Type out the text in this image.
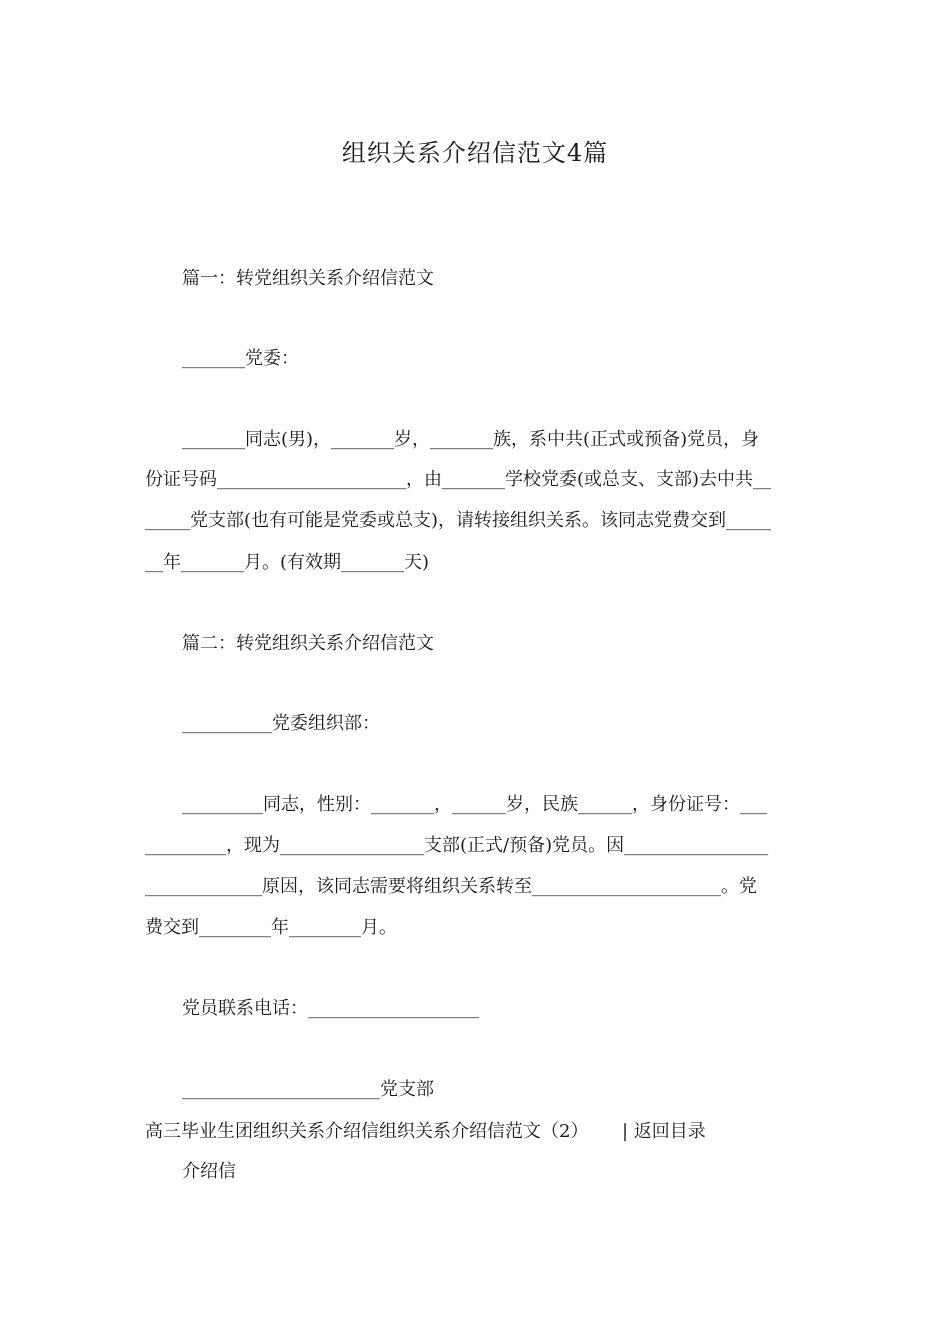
组织关系介绍信范文4篇
篇一：转党组织关系介绍信范文
_______党委：
_______同志(男)，_______岁，_______族，系中共(正式或预备)党员，身
份证号码_____________________，由_______学校党委(或总支、支部)去中共__
_____党支部(也有可能是党委或总支)，请转接组织关系。该同志党费交到_____
__年_______月。(有效期_______天)
篇二：转党组织关系介绍信范文
__________党委组织部：
_________同志，性别：_______，______岁，民族______，身份证号：___
_________，现为________________支部(正式/预备)党员。因________________
_____________原因，该同志需要将组织关系转至_____________________。党
费交到________年________月。
党员联系电话：___________________
______________________党支部
高三毕业生团组织关系介绍信组织关系介绍信范文（2） | 返回目录
介绍信
